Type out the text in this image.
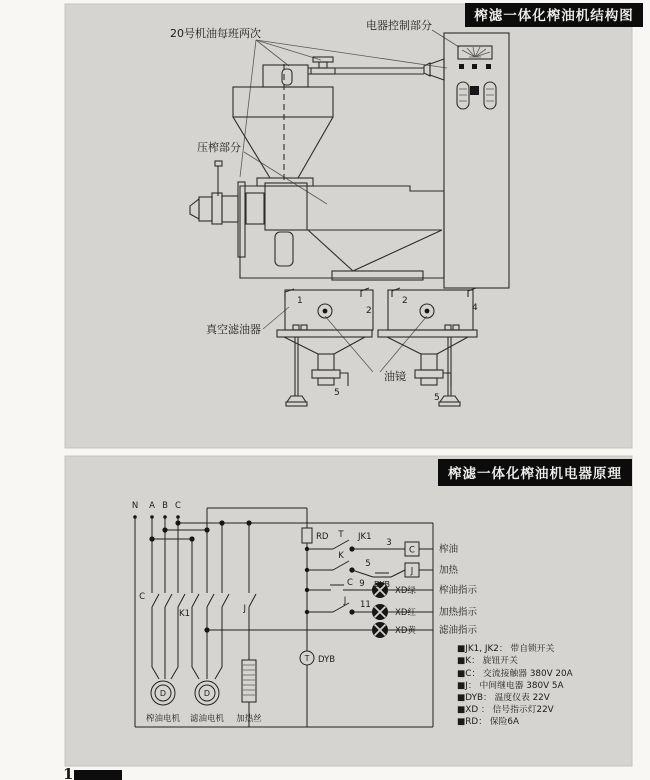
榨滤一体化榨油机结构图
20号机油每班两次
电器控制部分
压榨部分
真空滤油器
油镜
1
2
2
4
5	5
榨滤一体化榨油机电器原理
RD
T DYB
D	D
N A B C
C
K1	J
T JK1
3
C	榨油
K
5
DYB
J	加热
C 9
XD绿 榨油指示
J 11
XD红 加热指示
XD黄 滤油指示
榨油电机 滤油电机 加热丝
■JK1, JK2： 带自锁开关
■K： 旋钮开关
■C： 交流接触器 380V 20A
■J： 中间继电器 380V 5A
■DYB： 温度仪表 22V
■XD ： 信号指示灯22V
■RD： 保险6A
1
